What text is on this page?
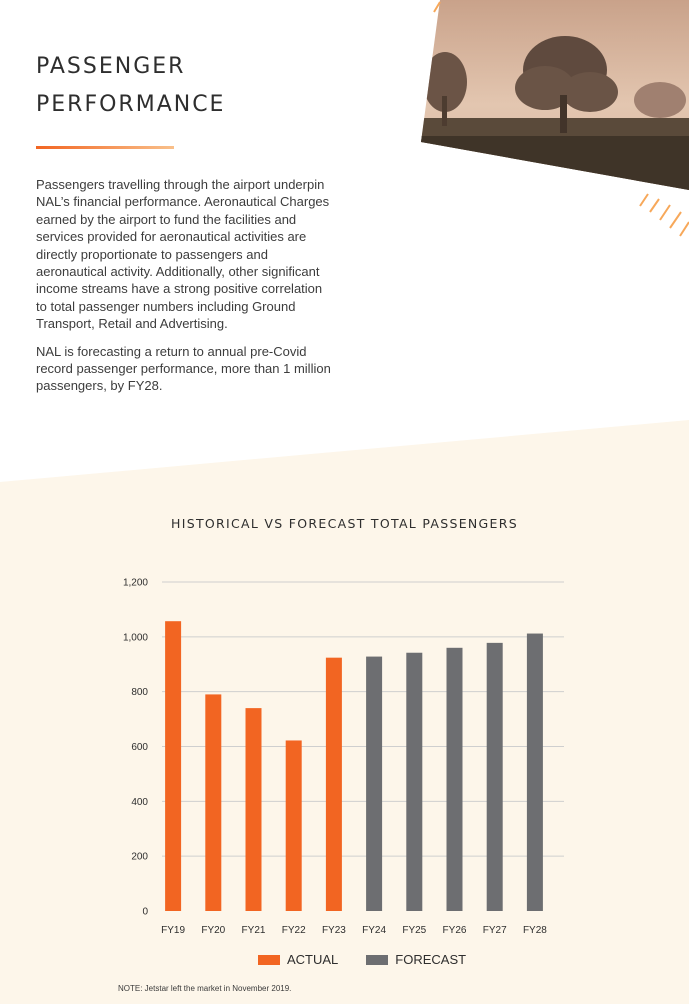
PASSENGER
PERFORMANCE

Passengers travelling through the airport underpin NAL’s financial performance. Aeronautical Charges earned by the airport to fund the facilities and services provided for aeronautical activities are directly proportionate to passengers and aeronautical activity. Additionally, other significant income streams have a strong positive correlation to total passenger numbers including Ground Transport, Retail and Advertising.

NAL is forecasting a return to annual pre-Covid record passenger performance, more than 1 million passengers, by FY28.

HISTORICAL VS FORECAST TOTAL PASSENGERS
0
200
400
600
800
1,000
1,200
FY19 FY20 FY21 FY22 FY23 FY24 FY25 FY26 FY27 FY28
ACTUAL	FORECAST
NOTE: Jetstar left the market in November 2019.
